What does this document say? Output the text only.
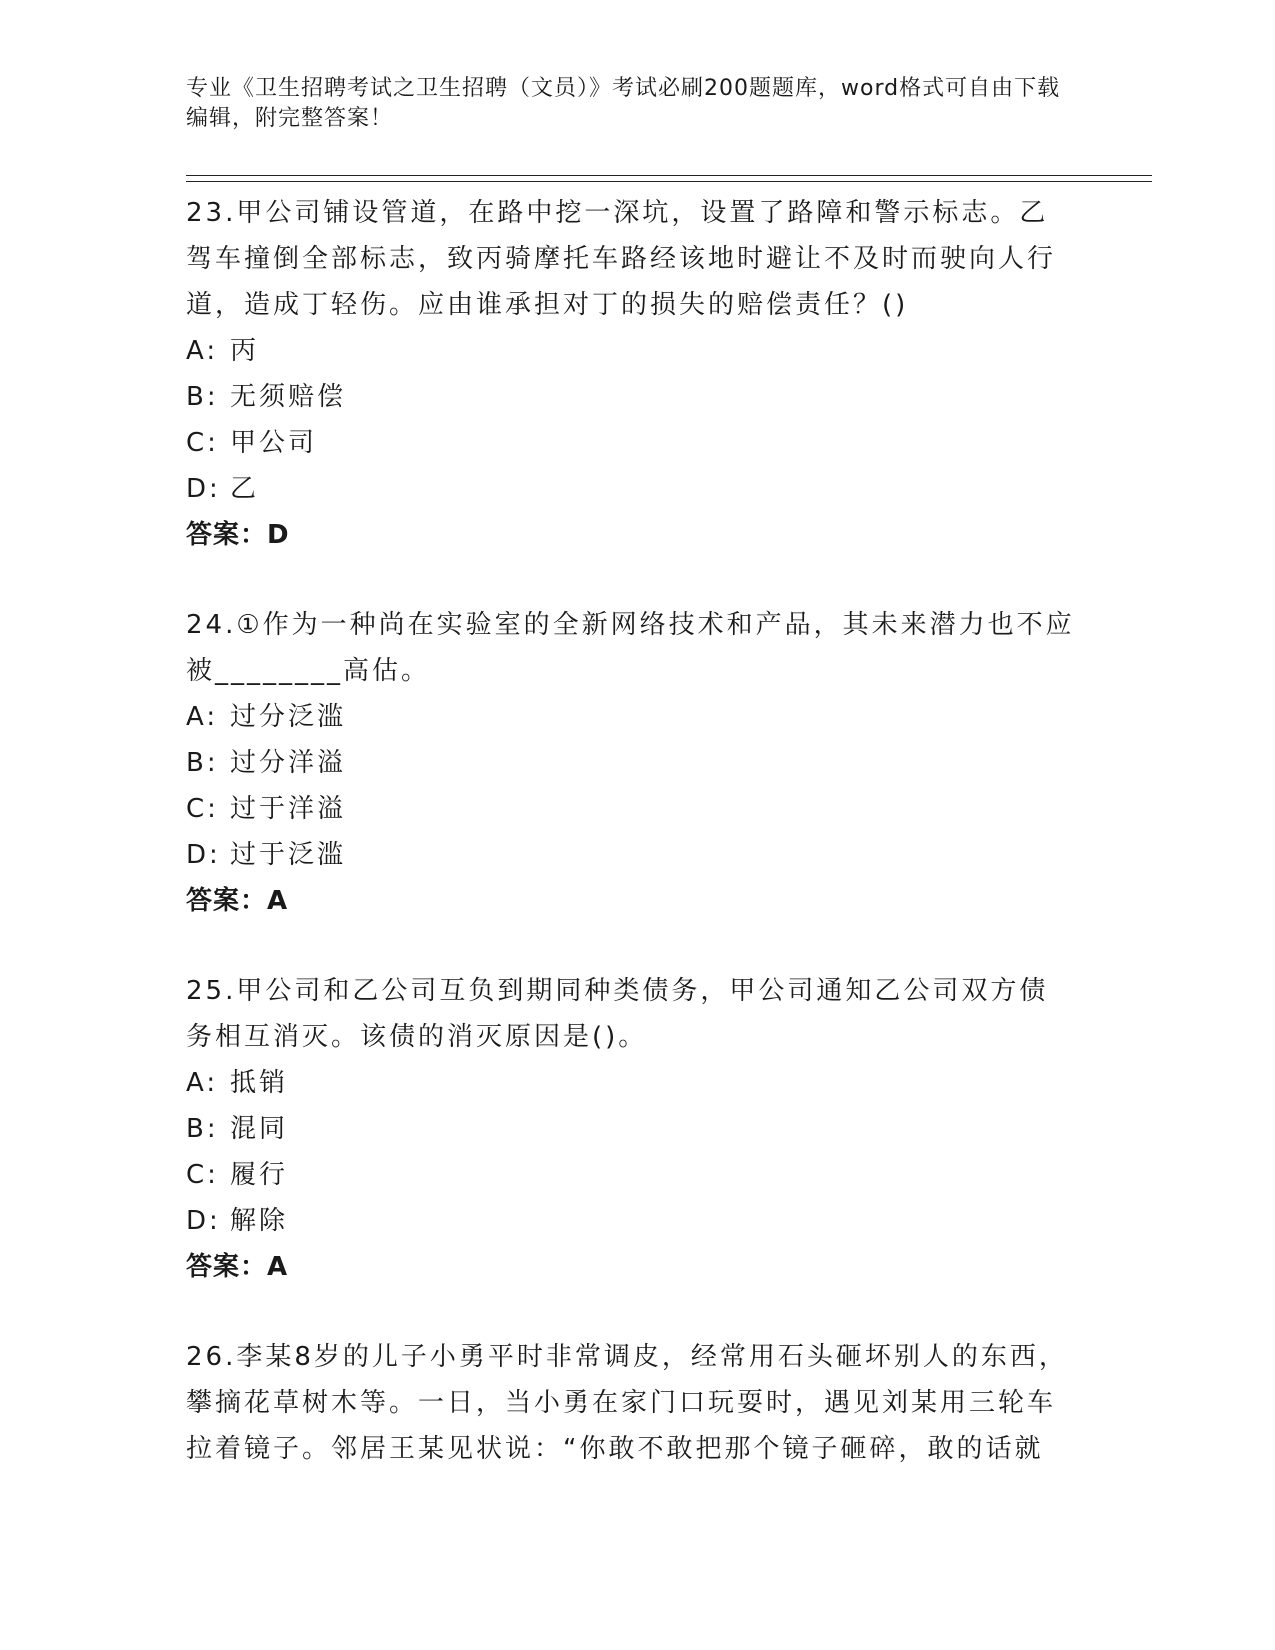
专业《卫生招聘考试之卫生招聘（文员）》考试必刷200题题库，word格式可自由下载编辑，附完整答案！

23.甲公司铺设管道，在路中挖一深坑，设置了路障和警示标志。乙驾车撞倒全部标志，致丙骑摩托车路经该地时避让不及时而驶向人行道，造成丁轻伤。应由谁承担对丁的损失的赔偿责任？()

A: 丙

B: 无须赔偿

C: 甲公司

D: 乙

答案：D

24.①作为一种尚在实验室的全新网络技术和产品，其未来潜力也不应被________高估。

A: 过分泛滥

B: 过分洋溢

C: 过于洋溢

D: 过于泛滥

答案：A

25.甲公司和乙公司互负到期同种类债务，甲公司通知乙公司双方债务相互消灭。该债的消灭原因是()。

A: 抵销

B: 混同

C: 履行

D: 解除

答案：A

26.李某8岁的儿子小勇平时非常调皮，经常用石头砸坏别人的东西，攀摘花草树木等。一日，当小勇在家门口玩耍时，遇见刘某用三轮车拉着镜子。邻居王某见状说：“你敢不敢把那个镜子砸碎，敢的话就
